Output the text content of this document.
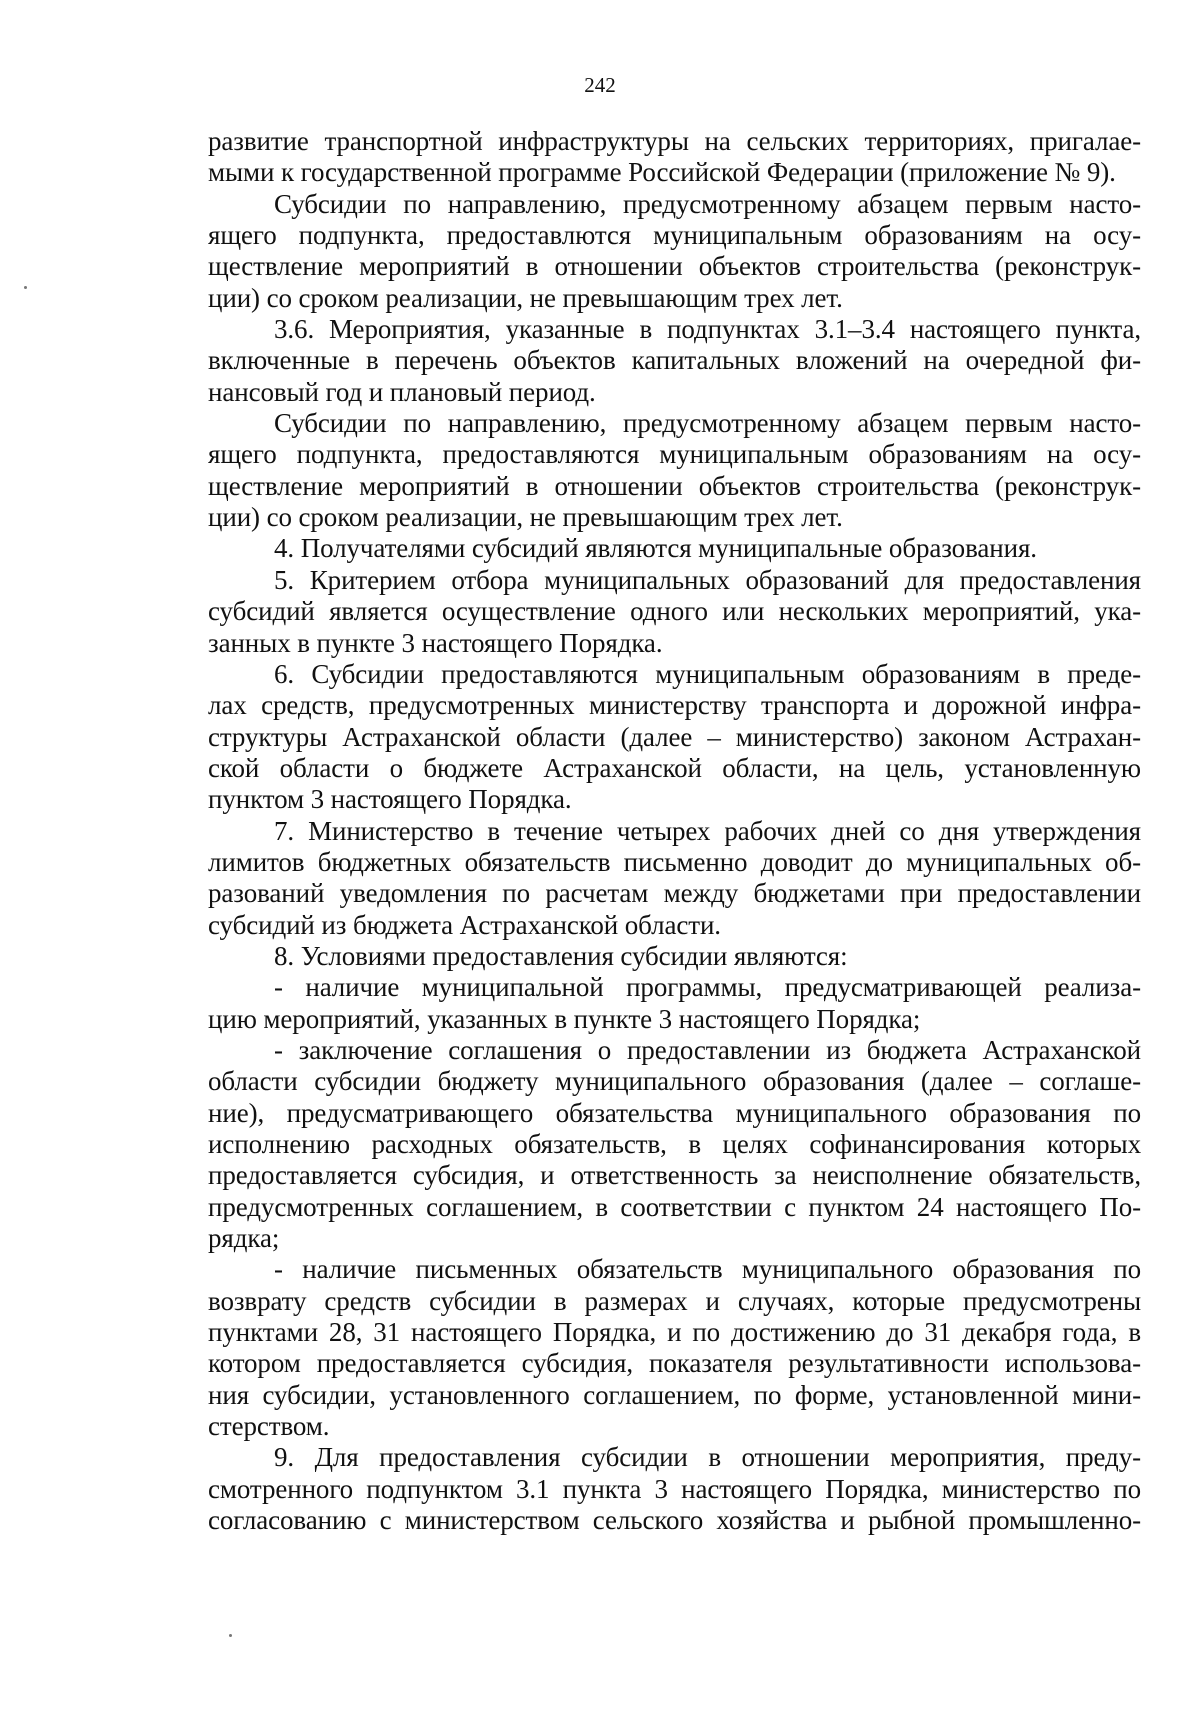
242
развитие транспортной инфраструктуры на сельских территориях, пригалае-
мыми к государственной программе Российской Федерации (приложение № 9).
Субсидии по направлению, предусмотренному абзацем первым насто-
ящего подпункта, предоставлются муниципальным образованиям на осу-
ществление мероприятий в отношении объектов строительства (реконструк-
ции) со сроком реализации, не превышающим трех лет.
3.6. Мероприятия, указанные в подпунктах 3.1–3.4 настоящего пункта,
включенные в перечень объектов капитальных вложений на очередной фи-
нансовый год и плановый период.
Субсидии по направлению, предусмотренному абзацем первым насто-
ящего подпункта, предоставляются муниципальным образованиям на осу-
ществление мероприятий в отношении объектов строительства (реконструк-
ции) со сроком реализации, не превышающим трех лет.
4. Получателями субсидий являются муниципальные образования.
5. Критерием отбора муниципальных образований для предоставления
субсидий является осуществление одного или нескольких мероприятий, ука-
занных в пункте 3 настоящего Порядка.
6. Субсидии предоставляются муниципальным образованиям в преде-
лах средств, предусмотренных министерству транспорта и дорожной инфра-
структуры Астраханской области (далее – министерство) законом Астрахан-
ской области о бюджете Астраханской области, на цель, установленную
пунктом 3 настоящего Порядка.
7. Министерство в течение четырех рабочих дней со дня утверждения
лимитов бюджетных обязательств письменно доводит до муниципальных об-
разований уведомления по расчетам между бюджетами при предоставлении
субсидий из бюджета Астраханской области.
8. Условиями предоставления субсидии являются:
- наличие муниципальной программы, предусматривающей реализа-
цию мероприятий, указанных в пункте 3 настоящего Порядка;
- заключение соглашения о предоставлении из бюджета Астраханской
области субсидии бюджету муниципального образования (далее – соглаше-
ние), предусматривающего обязательства муниципального образования по
исполнению расходных обязательств, в целях софинансирования которых
предоставляется субсидия, и ответственность за неисполнение обязательств,
предусмотренных соглашением, в соответствии с пунктом 24 настоящего По-
рядка;
- наличие письменных обязательств муниципального образования по
возврату средств субсидии в размерах и случаях, которые предусмотрены
пунктами 28, 31 настоящего Порядка, и по достижению до 31 декабря года, в
котором предоставляется субсидия, показателя результативности использова-
ния субсидии, установленного соглашением, по форме, установленной мини-
стерством.
9. Для предоставления субсидии в отношении мероприятия, преду-
смотренного подпунктом 3.1 пункта 3 настоящего Порядка, министерство по
согласованию с министерством сельского хозяйства и рыбной промышленно-
